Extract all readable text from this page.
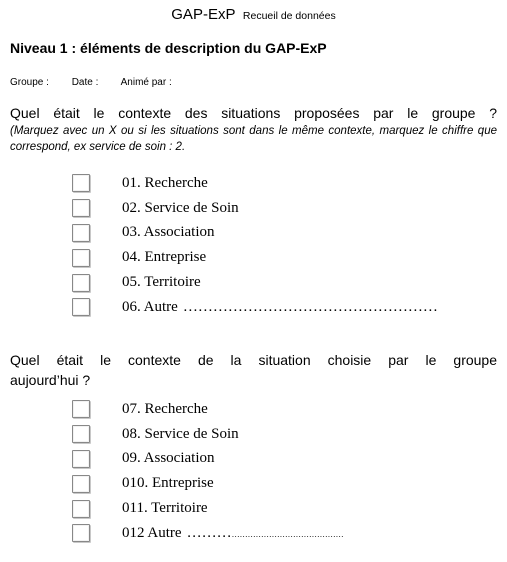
GAP-ExP Recueil de données
Niveau 1 : éléments de description du GAP-ExP
Groupe : Date : Animé par :
Quel était le contexte des situations proposées par le groupe ?
(Marquez avec un X ou si les situations sont dans le même contexte, marquez le chiffre que correspond, ex service de soin : 2.
01. Recherche
02. Service de Soin
03. Association
04. Entreprise
05. Territoire
06. Autre ……………………………………………
Quel était le contexte de la situation choisie par le groupe
aujourd’hui ?
07. Recherche
08. Service de Soin
09. Association
010. Entreprise
011. Territoire
012 Autre ……………………………………………
